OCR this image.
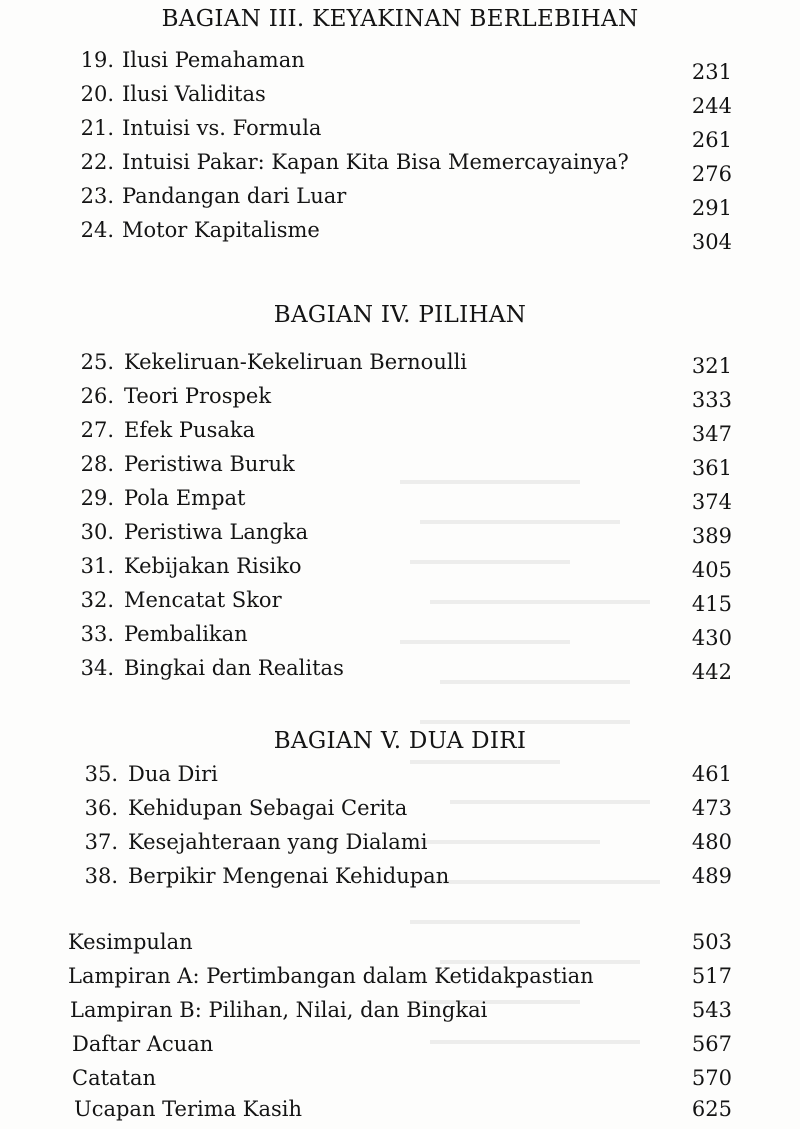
BAGIAN III. KEYAKINAN BERLEBIHAN
19. Ilusi Pemahaman	231
20. Ilusi Validitas	244
21. Intuisi vs. Formula	261
22. Intuisi Pakar: Kapan Kita Bisa Memercayainya?	276
23. Pandangan dari Luar	291
24. Motor Kapitalisme	304
BAGIAN IV. PILIHAN
25. Kekeliruan-Kekeliruan Bernoulli	321
26. Teori Prospek	333
27. Efek Pusaka	347
28. Peristiwa Buruk	361
29. Pola Empat	374
30. Peristiwa Langka	389
31. Kebijakan Risiko	405
32. Mencatat Skor	415
33. Pembalikan	430
34. Bingkai dan Realitas	442
BAGIAN V. DUA DIRI
35. Dua Diri	461
36. Kehidupan Sebagai Cerita	473
37. Kesejahteraan yang Dialami	480
38. Berpikir Mengenai Kehidupan	489
Kesimpulan	503
Lampiran A: Pertimbangan dalam Ketidakpastian	517
Lampiran B: Pilihan, Nilai, dan Bingkai	543
Daftar Acuan	567
Catatan	570
Ucapan Terima Kasih	625
